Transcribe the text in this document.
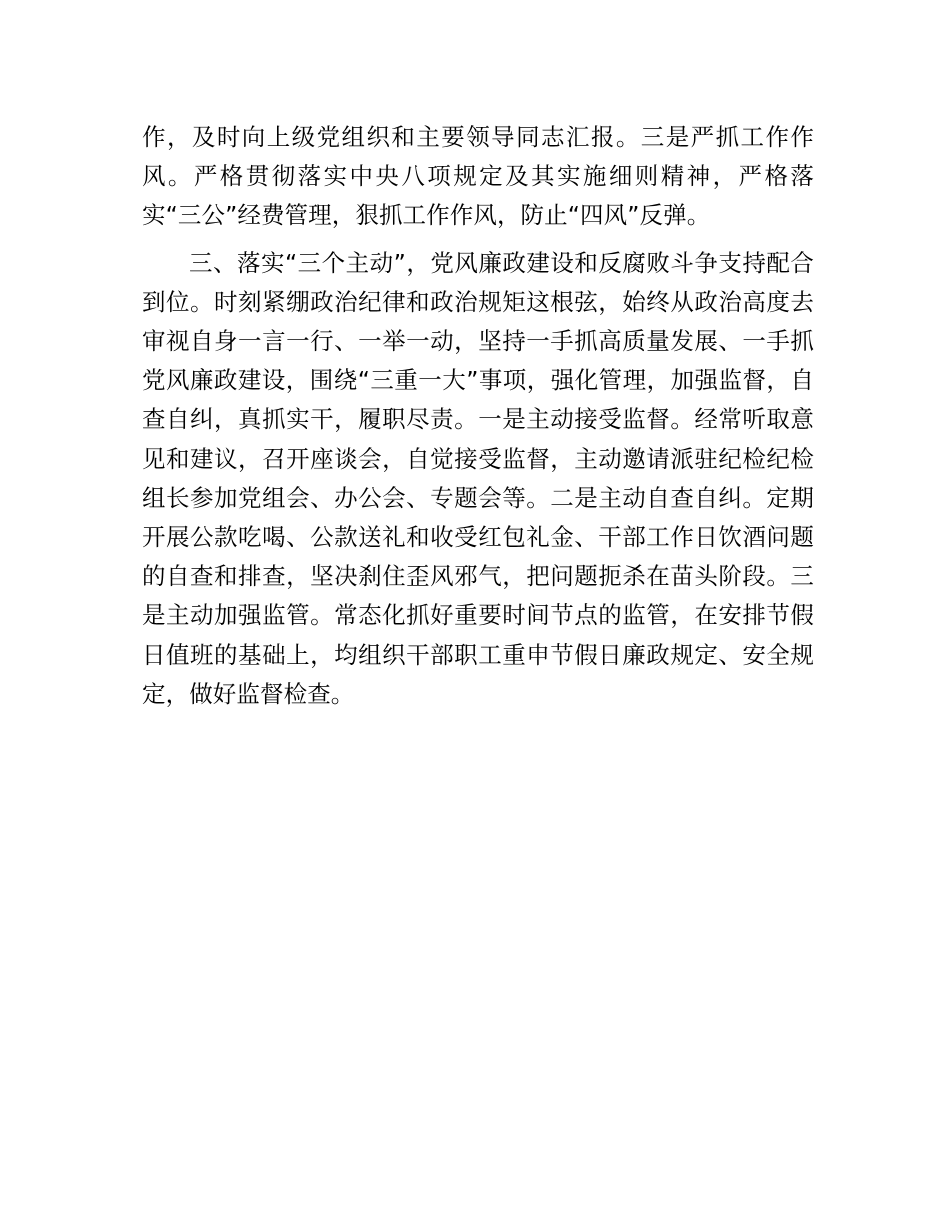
作，及时向上级党组织和主要领导同志汇报。三是严抓工作作风。严格贯彻落实中央八项规定及其实施细则精神，严格落实“三公”经费管理，狠抓工作作风，防止“四风”反弹。

三、落实“三个主动”，党风廉政建设和反腐败斗争支持配合到位。时刻紧绷政治纪律和政治规矩这根弦，始终从政治高度去审视自身一言一行、一举一动，坚持一手抓高质量发展、一手抓党风廉政建设，围绕“三重一大”事项，强化管理，加强监督，自查自纠，真抓实干，履职尽责。一是主动接受监督。经常听取意见和建议，召开座谈会，自觉接受监督，主动邀请派驻纪检纪检组长参加党组会、办公会、专题会等。二是主动自查自纠。定期开展公款吃喝、公款送礼和收受红包礼金、干部工作日饮酒问题的自查和排查，坚决刹住歪风邪气，把问题扼杀在苗头阶段。三是主动加强监管。常态化抓好重要时间节点的监管，在安排节假日值班的基础上，均组织干部职工重申节假日廉政规定、安全规定，做好监督检查。
